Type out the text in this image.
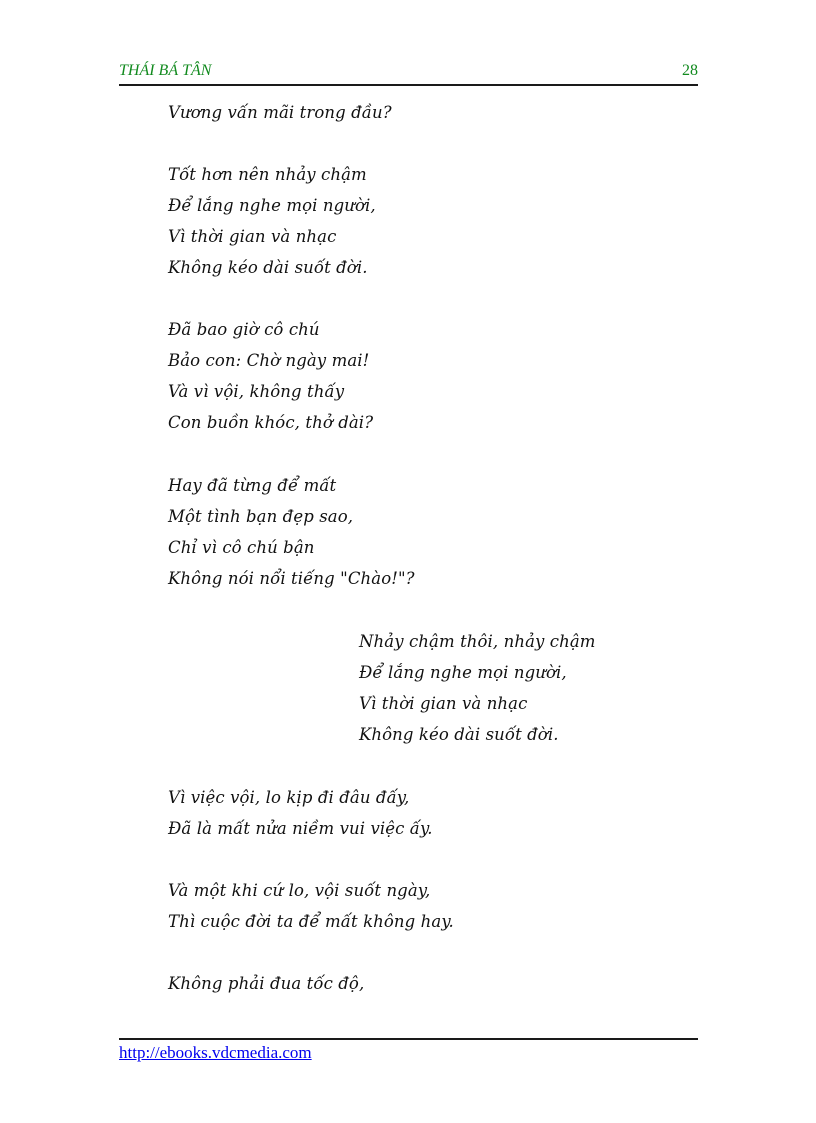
THÁI BÁ TÂN	28
Vương vấn mãi trong đầu?
Tốt hơn nên nhảy chậm
Để lắng nghe mọi người,
Vì thời gian và nhạc
Không kéo dài suốt đời.
Đã bao giờ cô chú
Bảo con: Chờ ngày mai!
Và vì vội, không thấy
Con buồn khóc, thở dài?
Hay đã từng để mất
Một tình bạn đẹp sao,
Chỉ vì cô chú bận
Không nói nổi tiếng "Chào!"?
Nhảy chậm thôi, nhảy chậm
Để lắng nghe mọi người,
Vì thời gian và nhạc
Không kéo dài suốt đời.
Vì việc vội, lo kịp đi đâu đấy,
Đã là mất nửa niềm vui việc ấy.
Và một khi cứ lo, vội suốt ngày,
Thì cuộc đời ta để mất không hay.
Không phải đua tốc độ,
http://ebooks.vdcmedia.com
